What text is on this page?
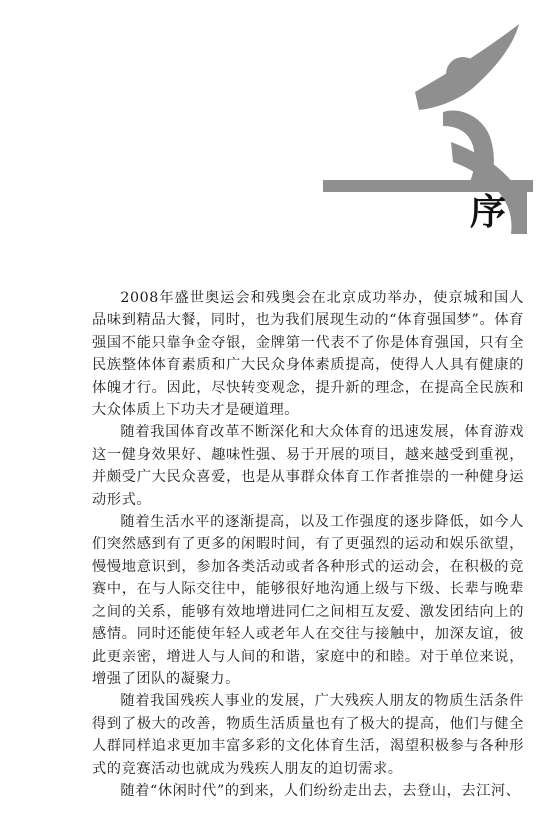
序

2008年盛世奥运会和残奥会在北京成功举办，使京城和国人品味到精品大餐，同时，也为我们展现生动的“体育强国梦”。体育强国不能只靠争金夺银，金牌第一代表不了你是体育强国，只有全民族整体体育素质和广大民众身体素质提高，使得人人具有健康的体魄才行。因此，尽快转变观念，提升新的理念，在提高全民族和大众体质上下功夫才是硬道理。

随着我国体育改革不断深化和大众体育的迅速发展，体育游戏这一健身效果好、趣味性强、易于开展的项目，越来越受到重视，并颇受广大民众喜爱，也是从事群众体育工作者推崇的一种健身运动形式。

随着生活水平的逐渐提高，以及工作强度的逐步降低，如今人们突然感到有了更多的闲暇时间，有了更强烈的运动和娱乐欲望，慢慢地意识到，参加各类活动或者各种形式的运动会，在积极的竞赛中，在与人际交往中，能够很好地沟通上级与下级、长辈与晚辈之间的关系，能够有效地增进同仁之间相互友爱、激发团结向上的感情。同时还能使年轻人或老年人在交往与接触中，加深友谊，彼此更亲密，增进人与人间的和谐，家庭中的和睦。对于单位来说，增强了团队的凝聚力。

随着我国残疾人事业的发展，广大残疾人朋友的物质生活条件得到了极大的改善，物质生活质量也有了极大的提高，他们与健全人群同样追求更加丰富多彩的文化体育生活，渴望积极参与各种形式的竞赛活动也就成为残疾人朋友的迫切需求。

随着“休闲时代”的到来，人们纷纷走出去，去登山，去江河、
